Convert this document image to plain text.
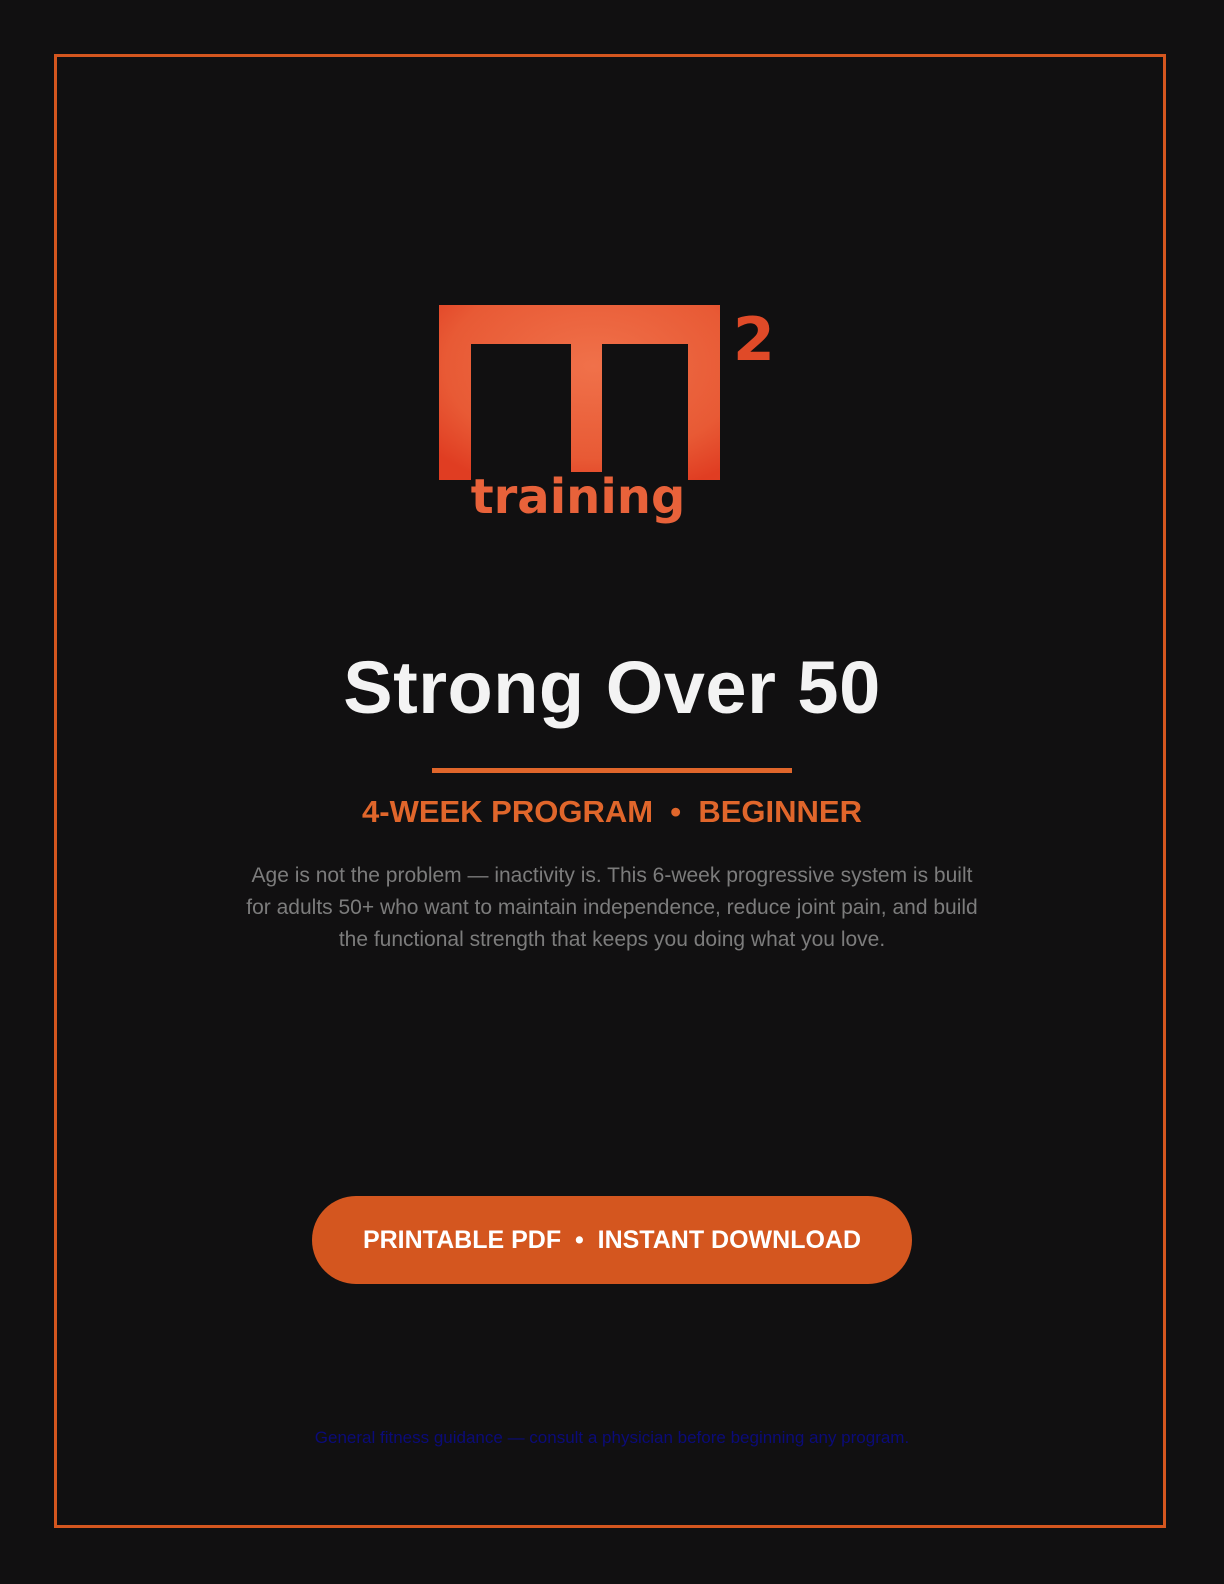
2
training
Strong Over 50
4-WEEK PROGRAM  •  BEGINNER
Age is not the problem — inactivity is. This 6-week progressive system is built for adults 50+ who want to maintain independence, reduce joint pain, and build the functional strength that keeps you doing what you love.
PRINTABLE PDF  •  INSTANT DOWNLOAD
General fitness guidance — consult a physician before beginning any program.
